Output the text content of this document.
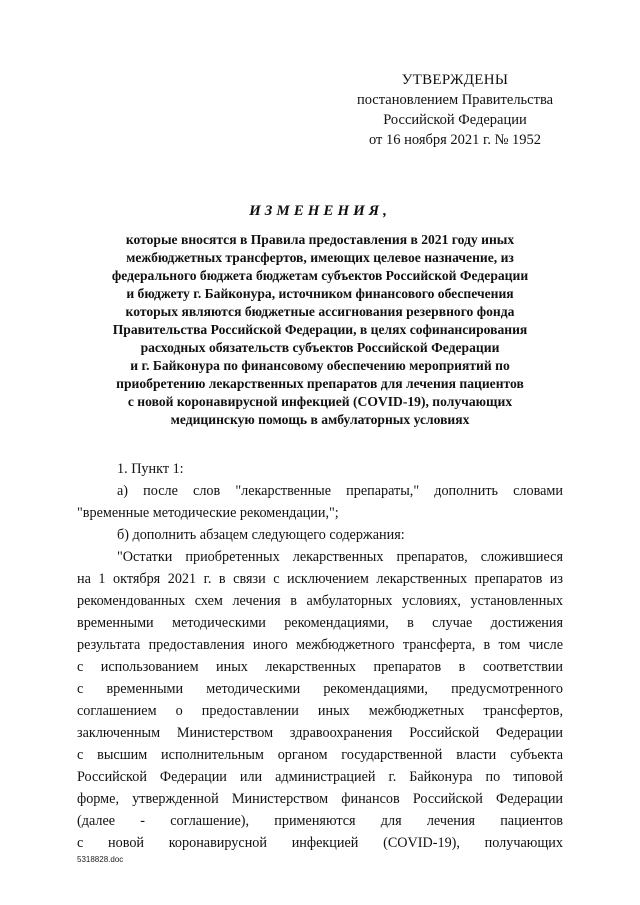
УТВЕРЖДЕНЫ
постановлением Правительства
Российской Федерации
от 16 ноября 2021 г. № 1952
ИЗМЕНЕНИЯ,
которые вносятся в Правила предоставления в 2021 году иных
межбюджетных трансфертов, имеющих целевое назначение, из
федерального бюджета бюджетам субъектов Российской Федерации
и бюджету г. Байконура, источником финансового обеспечения
которых являются бюджетные ассигнования резервного фонда
Правительства Российской Федерации, в целях софинансирования
расходных обязательств субъектов Российской Федерации
и г. Байконура по финансовому обеспечению мероприятий по
приобретению лекарственных препаратов для лечения пациентов
с новой коронавирусной инфекцией (COVID-19), получающих
медицинскую помощь в амбулаторных условиях
1. Пункт 1:
а) после слов "лекарственные препараты," дополнить словами
"временные методические рекомендации,";
б) дополнить абзацем следующего содержания:
"Остатки приобретенных лекарственных препаратов, сложившиеся
на 1 октября 2021 г. в связи с исключением лекарственных препаратов из
рекомендованных схем лечения в амбулаторных условиях, установленных
временными методическими рекомендациями, в случае достижения
результата предоставления иного межбюджетного трансферта, в том числе
с использованием иных лекарственных препаратов в соответствии
с временными методическими рекомендациями, предусмотренного
соглашением о предоставлении иных межбюджетных трансфертов,
заключенным Министерством здравоохранения Российской Федерации
с высшим исполнительным органом государственной власти субъекта
Российской Федерации или администрацией г. Байконура по типовой
форме, утвержденной Министерством финансов Российской Федерации
(далее - соглашение), применяются для лечения пациентов
с новой коронавирусной инфекцией (COVID-19), получающих
5318828.doc
